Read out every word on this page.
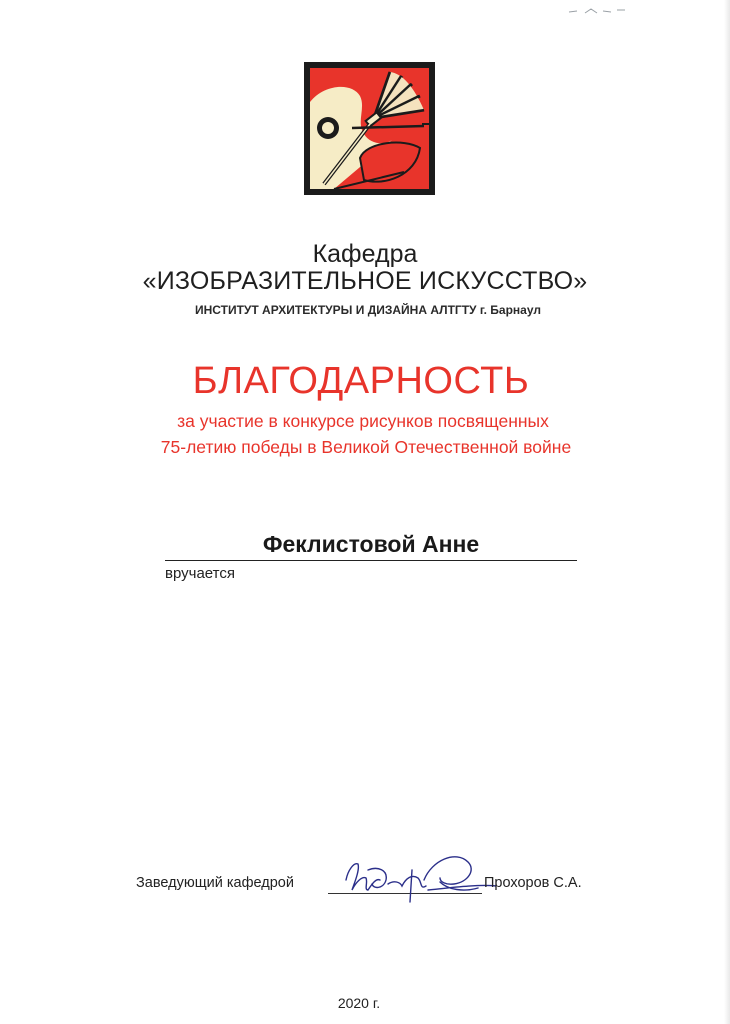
Кафедра
«ИЗОБРАЗИТЕЛЬНОЕ ИСКУССТВО»
ИНСТИТУТ АРХИТЕКТУРЫ И ДИЗАЙНА АЛТГТУ г. Барнаул
БЛАГОДАРНОСТЬ
за участие в конкурсе рисунков посвященных
75-летию победы в Великой Отечественной войне
Феклистовой Анне
вручается
Заведующий кафедрой	Прохоров С.А.
2020 г.
